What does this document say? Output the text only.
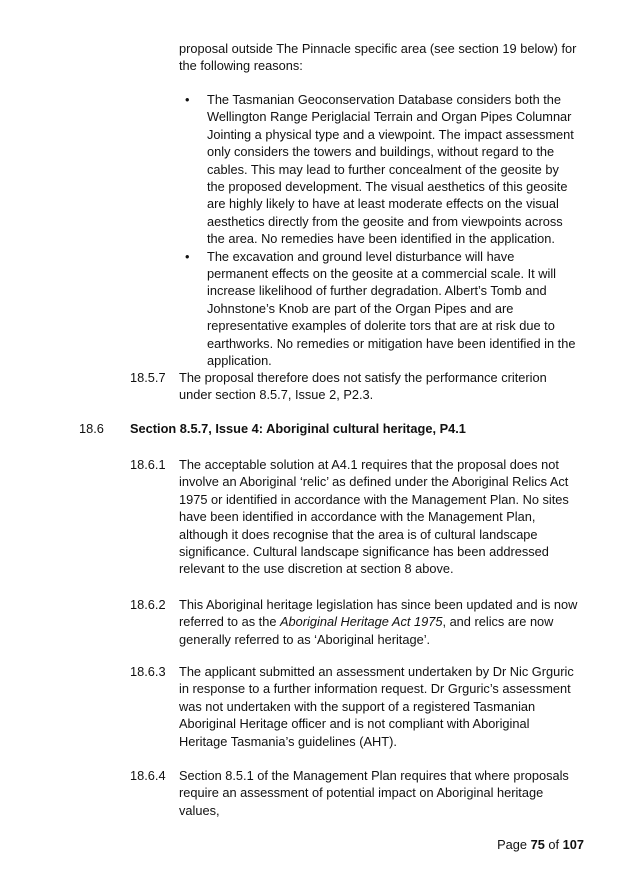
proposal outside The Pinnacle specific area (see section 19 below) for the following reasons:

• The Tasmanian Geoconservation Database considers both the Wellington Range Periglacial Terrain and Organ Pipes Columnar Jointing a physical type and a viewpoint. The impact assessment only considers the towers and buildings, without regard to the cables. This may lead to further concealment of the geosite by the proposed development. The visual aesthetics of this geosite are highly likely to have at least moderate effects on the visual aesthetics directly from the geosite and from viewpoints across the area. No remedies have been identified in the application.
• The excavation and ground level disturbance will have permanent effects on the geosite at a commercial scale. It will increase likelihood of further degradation. Albert’s Tomb and Johnstone’s Knob are part of the Organ Pipes and are representative examples of dolerite tors that are at risk due to earthworks. No remedies or mitigation have been identified in the application.
18.5.7	The proposal therefore does not satisfy the performance criterion under section 8.5.7, Issue 2, P2.3.

18.6 Section 8.5.7, Issue 4: Aboriginal cultural heritage, P4.1
18.6.1	The acceptable solution at A4.1 requires that the proposal does not involve an Aboriginal ‘relic’ as defined under the Aboriginal Relics Act 1975 or identified in accordance with the Management Plan. No sites have been identified in accordance with the Management Plan, although it does recognise that the area is of cultural landscape significance. Cultural landscape significance has been addressed relevant to the use discretion at section 8 above.

18.6.2	This Aboriginal heritage legislation has since been updated and is now referred to as the Aboriginal Heritage Act 1975, and relics are now generally referred to as ‘Aboriginal heritage’.

18.6.3	The applicant submitted an assessment undertaken by Dr Nic Grguric in response to a further information request. Dr Grguric’s assessment was not undertaken with the support of a registered Tasmanian Aboriginal Heritage officer and is not compliant with Aboriginal Heritage Tasmania’s guidelines (AHT).

18.6.4	Section 8.5.1 of the Management Plan requires that where proposals require an assessment of potential impact on Aboriginal heritage values,

Page 75 of 107
